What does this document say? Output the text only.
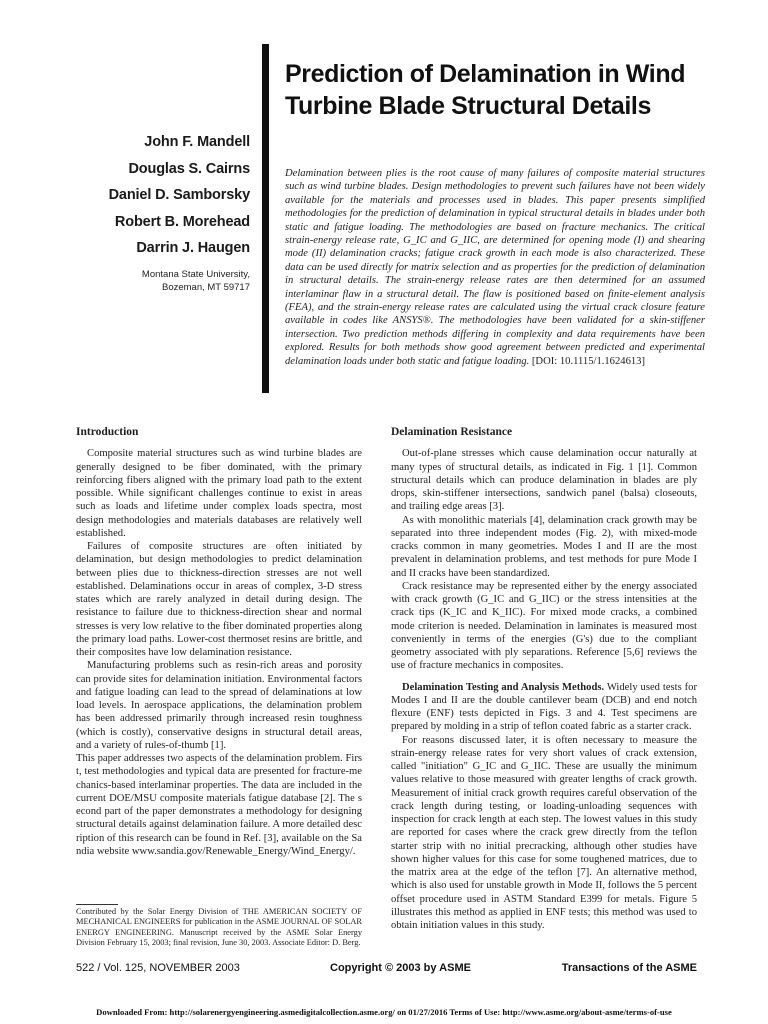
John F. Mandell
Douglas S. Cairns
Daniel D. Samborsky
Robert B. Morehead
Darrin J. Haugen
Montana State University,
Bozeman, MT 59717
Prediction of Delamination in Wind Turbine Blade Structural Details
Delamination between plies is the root cause of many failures of composite material structures such as wind turbine blades. Design methodologies to prevent such failures have not been widely available for the materials and processes used in blades. This paper presents simplified methodologies for the prediction of delamination in typical structural details in blades under both static and fatigue loading. The methodologies are based on fracture mechanics. The critical strain-energy release rate, G_IC and G_IIC, are determined for opening mode (I) and shearing mode (II) delamination cracks; fatigue crack growth in each mode is also characterized. These data can be used directly for matrix selection and as properties for the prediction of delamination in structural details. The strain-energy release rates are then determined for an assumed interlaminar flaw in a structural detail. The flaw is positioned based on finite-element analysis (FEA), and the strain-energy release rates are calculated using the virtual crack closure feature available in codes like ANSYS®. The methodologies have been validated for a skin-stiffener intersection. Two prediction methods differing in complexity and data requirements have been explored. Results for both methods show good agreement between predicted and experimental delamination loads under both static and fatigue loading. [DOI: 10.1115/1.1624613]
Introduction

Composite material structures such as wind turbine blades are generally designed to be fiber dominated, with the primary reinforcing fibers aligned with the primary load path to the extent possible. While significant challenges continue to exist in areas such as loads and lifetime under complex loads spectra, most design methodologies and materials databases are relatively well established.

Failures of composite structures are often initiated by delamination, but design methodologies to predict delamination between plies due to thickness-direction stresses are not well established. Delaminations occur in areas of complex, 3-D stress states which are rarely analyzed in detail during design. The resistance to failure due to thickness-direction shear and normal stresses is very low relative to the fiber dominated properties along the primary load paths. Lower-cost thermoset resins are brittle, and their composites have low delamination resistance.

Manufacturing problems such as resin-rich areas and porosity can provide sites for delamination initiation. Environmental factors and fatigue loading can lead to the spread of delaminations at low load levels. In aerospace applications, the delamination problem has been addressed primarily through increased resin toughness (which is costly), conservative designs in structural detail areas, and a variety of rules-of-thumb [1].

This paper addresses two aspects of the delamination problem. First, test methodologies and typical data are presented for fracture-mechanics-based interlaminar properties. The data are included in the current DOE/MSU composite materials fatigue database [2]. The second part of the paper demonstrates a methodology for designing structural details against delamination failure. A more detailed description of this research can be found in Ref. [3], available on the Sandia website www.sandia.gov/Renewable_Energy/Wind_Energy/.

Contributed by the Solar Energy Division of THE AMERICAN SOCIETY OF MECHANICAL ENGINEERS for publication in the ASME JOURNAL OF SOLAR ENERGY ENGINEERING. Manuscript received by the ASME Solar Energy Division February 15, 2003; final revision, June 30, 2003. Associate Editor: D. Berg.
Delamination Resistance

Out-of-plane stresses which cause delamination occur naturally at many types of structural details, as indicated in Fig. 1 [1]. Common structural details which can produce delamination in blades are ply drops, skin-stiffener intersections, sandwich panel (balsa) closeouts, and trailing edge areas [3].

As with monolithic materials [4], delamination crack growth may be separated into three independent modes (Fig. 2), with mixed-mode cracks common in many geometries. Modes I and II are the most prevalent in delamination problems, and test methods for pure Mode I and II cracks have been standardized.

Crack resistance may be represented either by the energy associated with crack growth (G_IC and G_IIC) or the stress intensities at the crack tips (K_IC and K_IIC). For mixed mode cracks, a combined mode criterion is needed. Delamination in laminates is measured most conveniently in terms of the energies (G's) due to the compliant geometry associated with ply separations. Reference [5,6] reviews the use of fracture mechanics in composites.

Delamination Testing and Analysis Methods. Widely used tests for Modes I and II are the double cantilever beam (DCB) and end notch flexure (ENF) tests depicted in Figs. 3 and 4. Test specimens are prepared by molding in a strip of teflon coated fabric as a starter crack.

For reasons discussed later, it is often necessary to measure the strain-energy release rates for very short values of crack extension, called "initiation" G_IC and G_IIC. These are usually the minimum values relative to those measured with greater lengths of crack growth. Measurement of initial crack growth requires careful observation of the crack length during testing, or loading-unloading sequences with inspection for crack length at each step. The lowest values in this study are reported for cases where the crack grew directly from the teflon starter strip with no initial precracking, although other studies have shown higher values for this case for some toughened matrices, due to the matrix area at the edge of the teflon [7]. An alternative method, which is also used for unstable growth in Mode II, follows the 5 percent offset procedure used in ASTM Standard E399 for metals. Figure 5 illustrates this method as applied in ENF tests; this method was used to obtain initiation values in this study.

522 / Vol. 125, NOVEMBER 2003	Copyright © 2003 by ASME	Transactions of the ASME
Downloaded From: http://solarenergyengineering.asmedigitalcollection.asme.org/ on 01/27/2016 Terms of Use: http://www.asme.org/about-asme/terms-of-use
